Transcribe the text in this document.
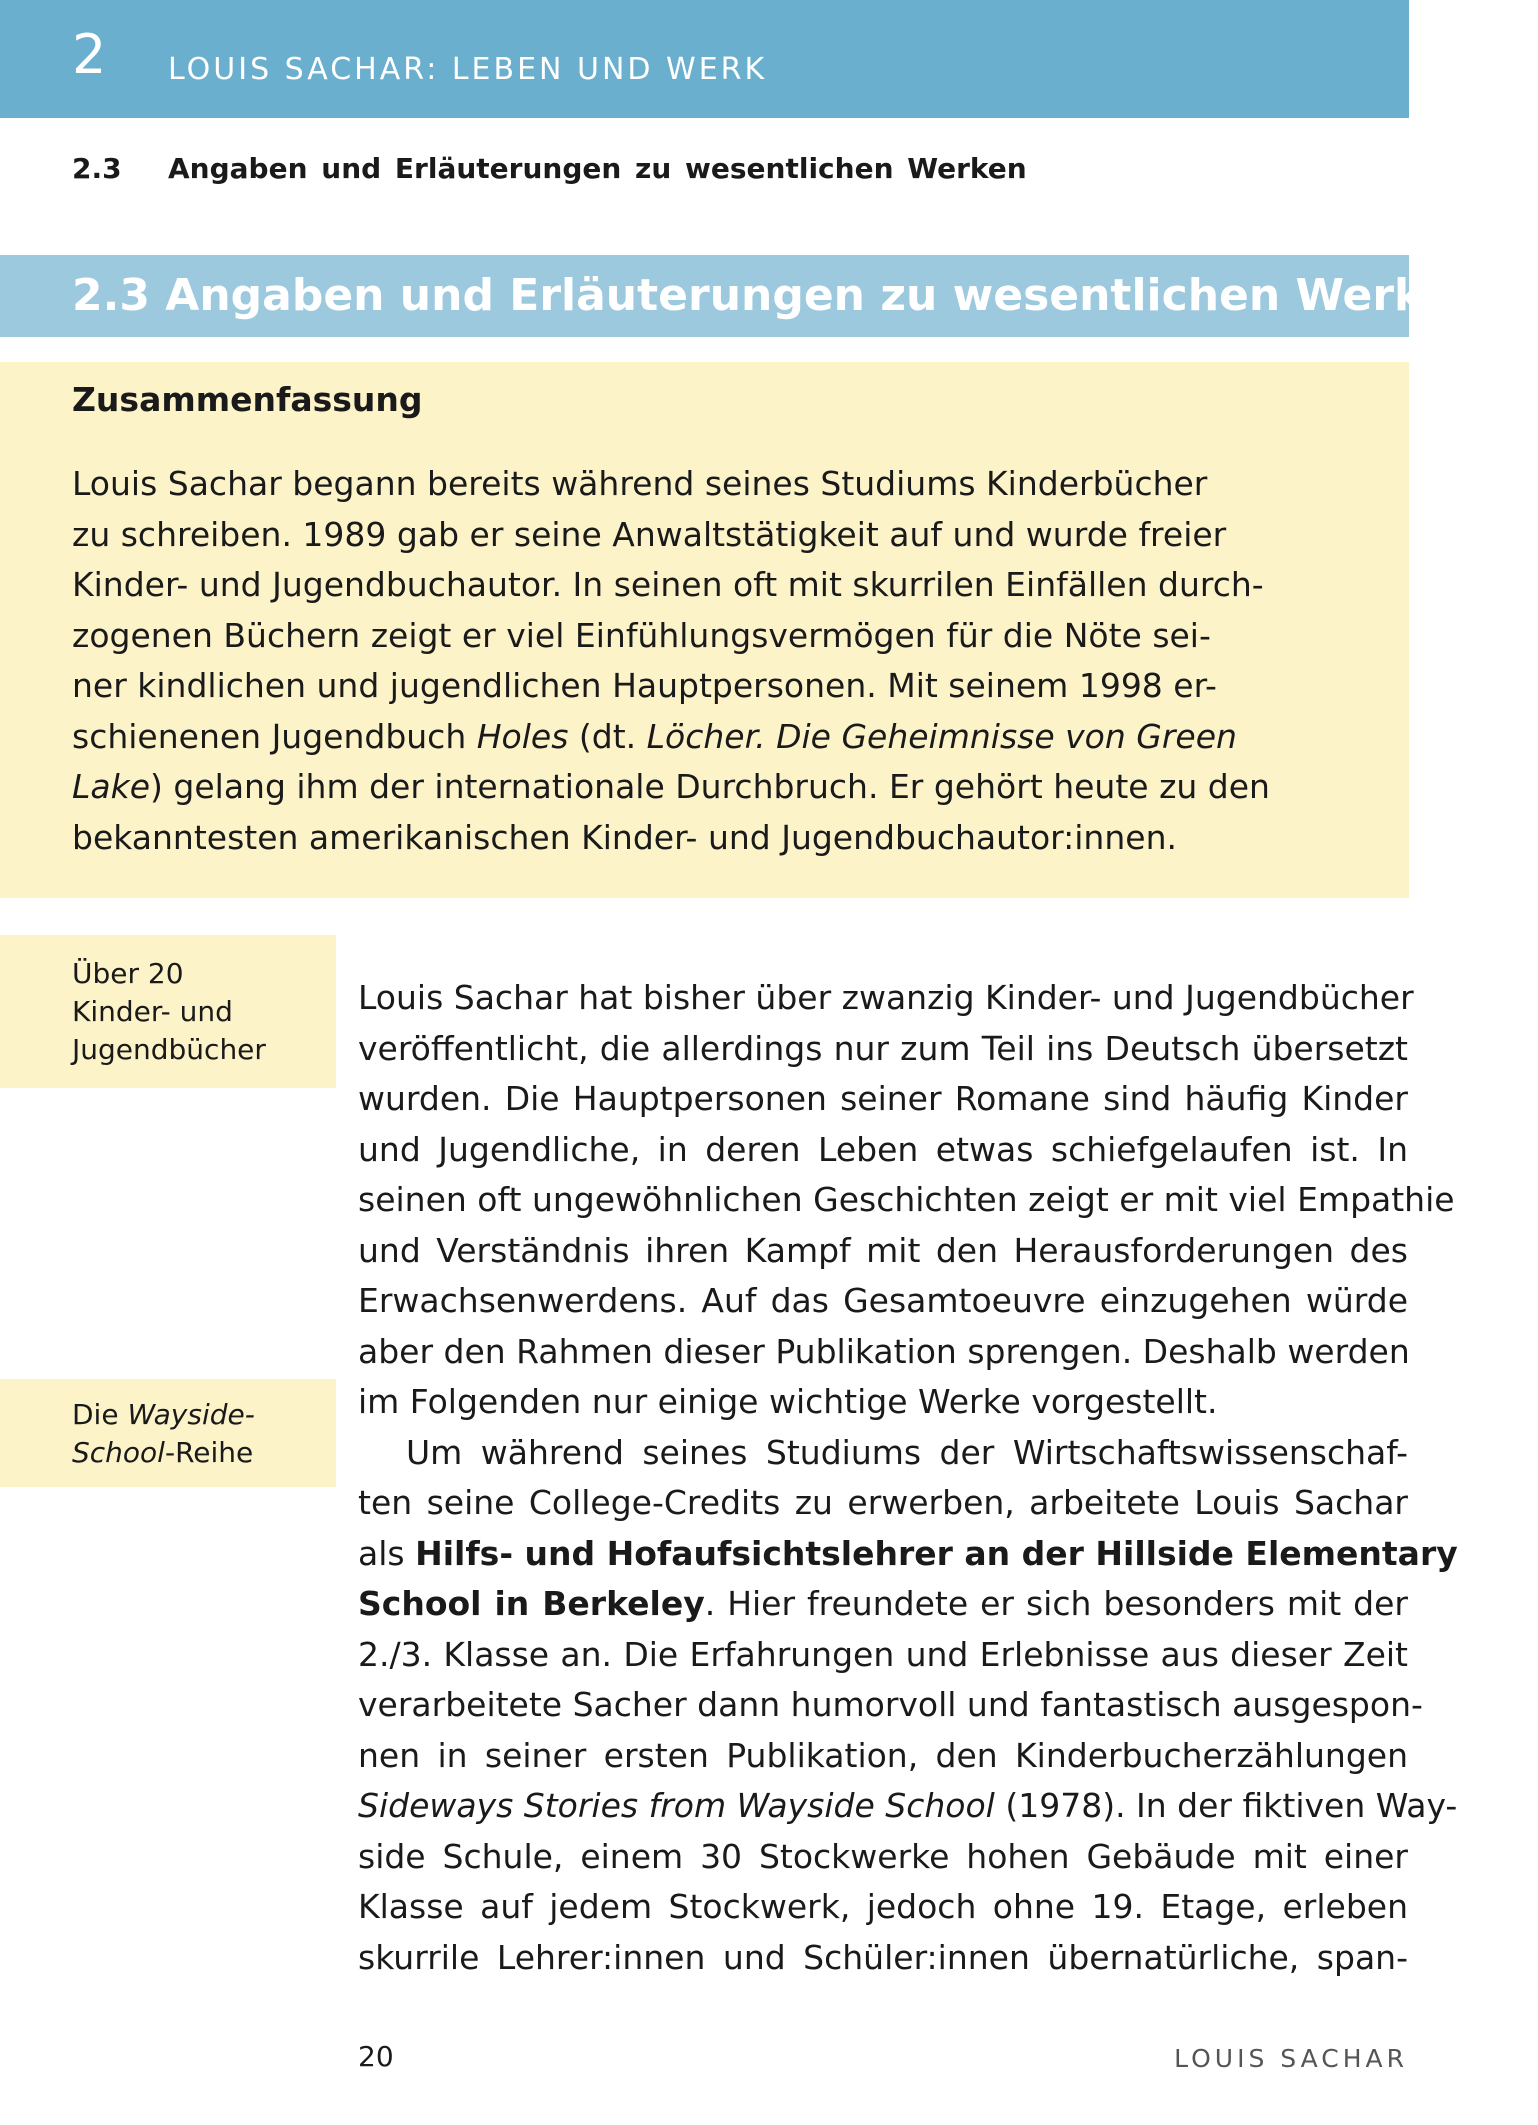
2 LOUIS SACHAR: LEBEN UND WERK
2.3 Angaben und Erläuterungen zu wesentlichen Werken
2.3 Angaben und Erläuterungen zu wesentlichen Werken
Zusammenfassung
Louis Sachar begann bereits während seines Studiums Kinderbücher
zu schreiben. 1989 gab er seine Anwaltstätigkeit auf und wurde freier
Kinder- und Jugendbuchautor. In seinen oft mit skurrilen Einfällen durch-
zogenen Büchern zeigt er viel Einfühlungsvermögen für die Nöte sei-
ner kindlichen und jugendlichen Hauptpersonen. Mit seinem 1998 er-
schienenen Jugendbuch Holes (dt. Löcher. Die Geheimnisse von Green
Lake) gelang ihm der internationale Durchbruch. Er gehört heute zu den
bekanntesten amerikanischen Kinder- und Jugendbuchautor:innen.
Über 20
Kinder- und
Jugendbücher
Die Wayside-
School-Reihe
Louis Sachar hat bisher über zwanzig Kinder- und Jugendbücher
veröffentlicht, die allerdings nur zum Teil ins Deutsch übersetzt
wurden. Die Hauptpersonen seiner Romane sind häufig Kinder
und Jugendliche, in deren Leben etwas schiefgelaufen ist. In
seinen oft ungewöhnlichen Geschichten zeigt er mit viel Empathie
und Verständnis ihren Kampf mit den Herausforderungen des
Erwachsenwerdens. Auf das Gesamtoeuvre einzugehen würde
aber den Rahmen dieser Publikation sprengen. Deshalb werden
im Folgenden nur einige wichtige Werke vorgestellt.
Um während seines Studiums der Wirtschaftswissenschaf-
ten seine College-Credits zu erwerben, arbeitete Louis Sachar
als Hilfs- und Hofaufsichtslehrer an der Hillside Elementary
School in Berkeley. Hier freundete er sich besonders mit der
2./3. Klasse an. Die Erfahrungen und Erlebnisse aus dieser Zeit
verarbeitete Sacher dann humorvoll und fantastisch ausgespon-
nen in seiner ersten Publikation, den Kinderbucherzählungen
Sideways Stories from Wayside School (1978). In der fiktiven Way-
side Schule, einem 30 Stockwerke hohen Gebäude mit einer
Klasse auf jedem Stockwerk, jedoch ohne 19. Etage, erleben
skurrile Lehrer:innen und Schüler:innen übernatürliche, span-
20	LOUIS SACHAR
